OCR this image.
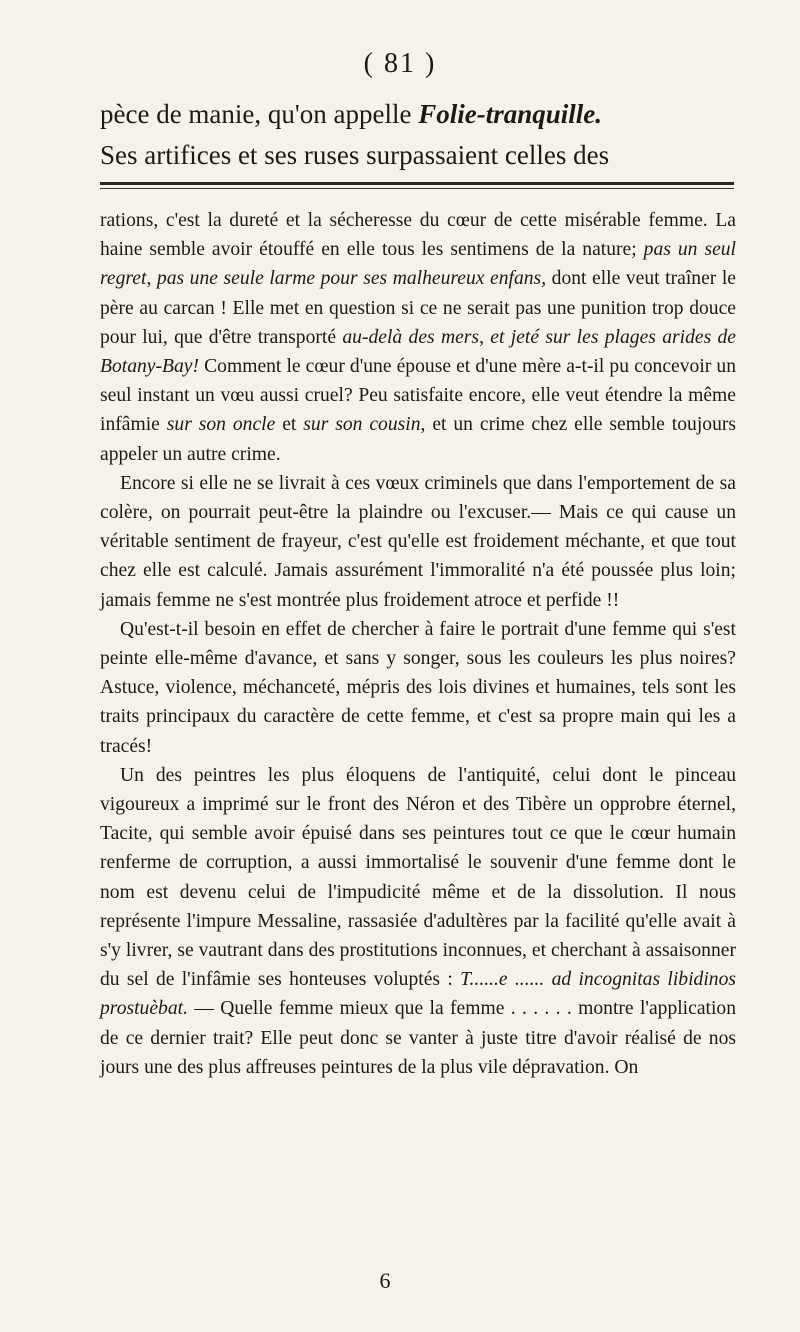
( 81 )

pèce de manie, qu'on appelle Folie-tranquille.
Ses artifices et ses ruses surpassaient celles des

rations, c'est la dureté et la sécheresse du cœur de cette misérable femme. La haine semble avoir étouffé en elle tous les sentimens de la nature; pas un seul regret, pas une seule larme pour ses malheureux enfans, dont elle veut traîner le père au carcan ! Elle met en question si ce ne serait pas une punition trop douce pour lui, que d'être transporté au-delà des mers, et jeté sur les plages arides de Botany-Bay! Comment le cœur d'une épouse et d'une mère a-t-il pu concevoir un seul instant un vœu aussi cruel? Peu satisfaite encore, elle veut étendre la même infâmie sur son oncle et sur son cousin, et un crime chez elle semble toujours appeler un autre crime.

Encore si elle ne se livrait à ces vœux criminels que dans l'emportement de sa colère, on pourrait peut-être la plaindre ou l'excuser.— Mais ce qui cause un véritable sentiment de frayeur, c'est qu'elle est froidement méchante, et que tout chez elle est calculé. Jamais assurément l'immoralité n'a été poussée plus loin; jamais femme ne s'est montrée plus froidement atroce et perfide !!

Qu'est-t-il besoin en effet de chercher à faire le portrait d'une femme qui s'est peinte elle-même d'avance, et sans y songer, sous les couleurs les plus noires? Astuce, violence, méchanceté, mépris des lois divines et humaines, tels sont les traits principaux du caractère de cette femme, et c'est sa propre main qui les a tracés!

Un des peintres les plus éloquens de l'antiquité, celui dont le pinceau vigoureux a imprimé sur le front des Néron et des Tibère un opprobre éternel, Tacite, qui semble avoir épuisé dans ses peintures tout ce que le cœur humain renferme de corruption, a aussi immortalisé le souvenir d'une femme dont le nom est devenu celui de l'impudicité même et de la dissolution. Il nous représente l'impure Messaline, rassasiée d'adultères par la facilité qu'elle avait à s'y livrer, se vautrant dans des prostitutions inconnues, et cherchant à assaisonner du sel de l'infâmie ses honteuses voluptés : T......e ...... ad incognitas libidinos prostuèbat. — Quelle femme mieux que la femme . . . . . . montre l'application de ce dernier trait? Elle peut donc se vanter à juste titre d'avoir réalisé de nos jours une des plus affreuses peintures de la plus vile dépravation. On

6
